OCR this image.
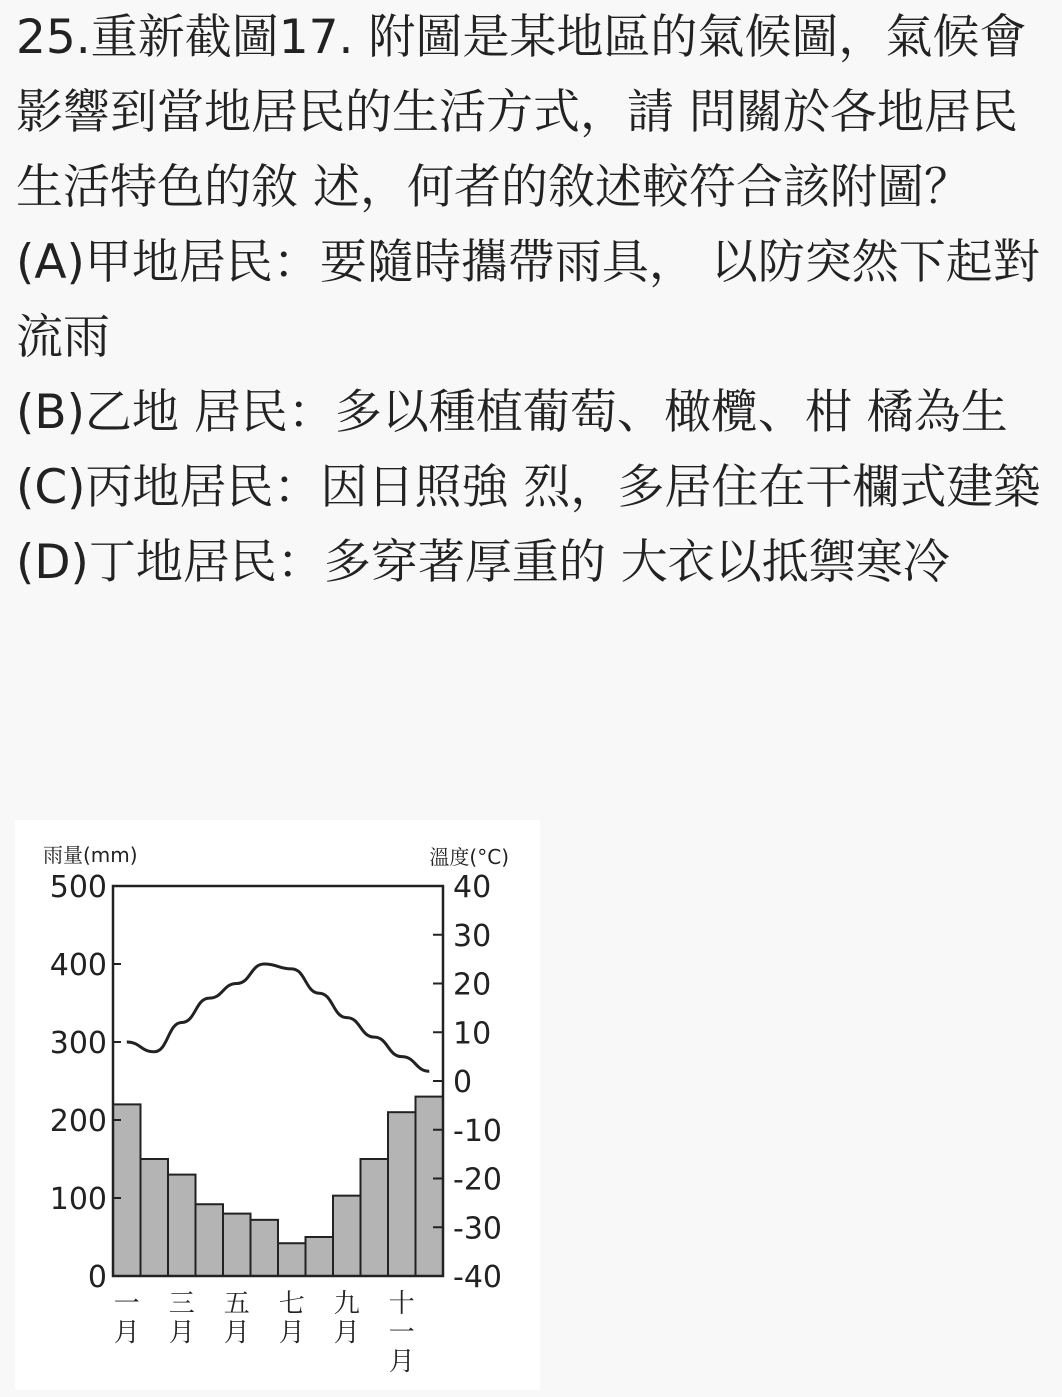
25.重新截圖17. 附圖是某地區的氣候圖，氣候會 影響到當地居民的生活方式，請 問關於各地居民生活特色的敘 述，何者的敘述較符合該附圖？

(A)甲地居民：要隨時攜帶雨具， 以防突然下起對流雨

(B)乙地 居民：多以種植葡萄、橄欖、柑 橘為生

(C)丙地居民：因日照強 烈，多居住在干欄式建築

(D)丁地居民：多穿著厚重的 大衣以抵禦寒冷

0
100
200
300
400
500	40
30
20
10
0
-10
-20
-30
-40
雨量(mm)	溫度(°C)
一月
三月
五月
七月
九月
十一月
